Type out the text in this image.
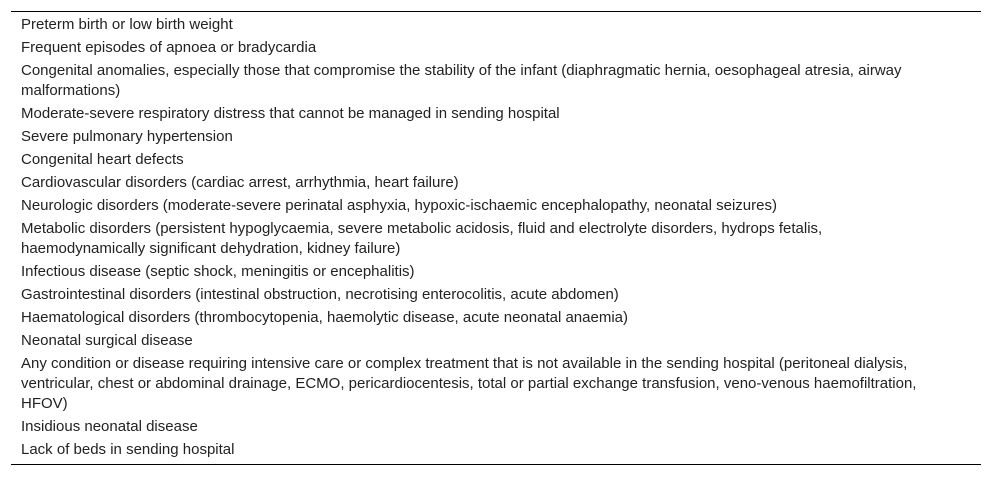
Preterm birth or low birth weight
Frequent episodes of apnoea or bradycardia
Congenital anomalies, especially those that compromise the stability of the infant (diaphragmatic hernia, oesophageal atresia, airway malformations)
Moderate-severe respiratory distress that cannot be managed in sending hospital
Severe pulmonary hypertension
Congenital heart defects
Cardiovascular disorders (cardiac arrest, arrhythmia, heart failure)
Neurologic disorders (moderate-severe perinatal asphyxia, hypoxic-ischaemic encephalopathy, neonatal seizures)
Metabolic disorders (persistent hypoglycaemia, severe metabolic acidosis, fluid and electrolyte disorders, hydrops fetalis, haemodynamically significant dehydration, kidney failure)
Infectious disease (septic shock, meningitis or encephalitis)
Gastrointestinal disorders (intestinal obstruction, necrotising enterocolitis, acute abdomen)
Haematological disorders (thrombocytopenia, haemolytic disease, acute neonatal anaemia)
Neonatal surgical disease
Any condition or disease requiring intensive care or complex treatment that is not available in the sending hospital (peritoneal dialysis, ventricular, chest or abdominal drainage, ECMO, pericardiocentesis, total or partial exchange transfusion, veno-venous haemofiltration, HFOV)
Insidious neonatal disease
Lack of beds in sending hospital
